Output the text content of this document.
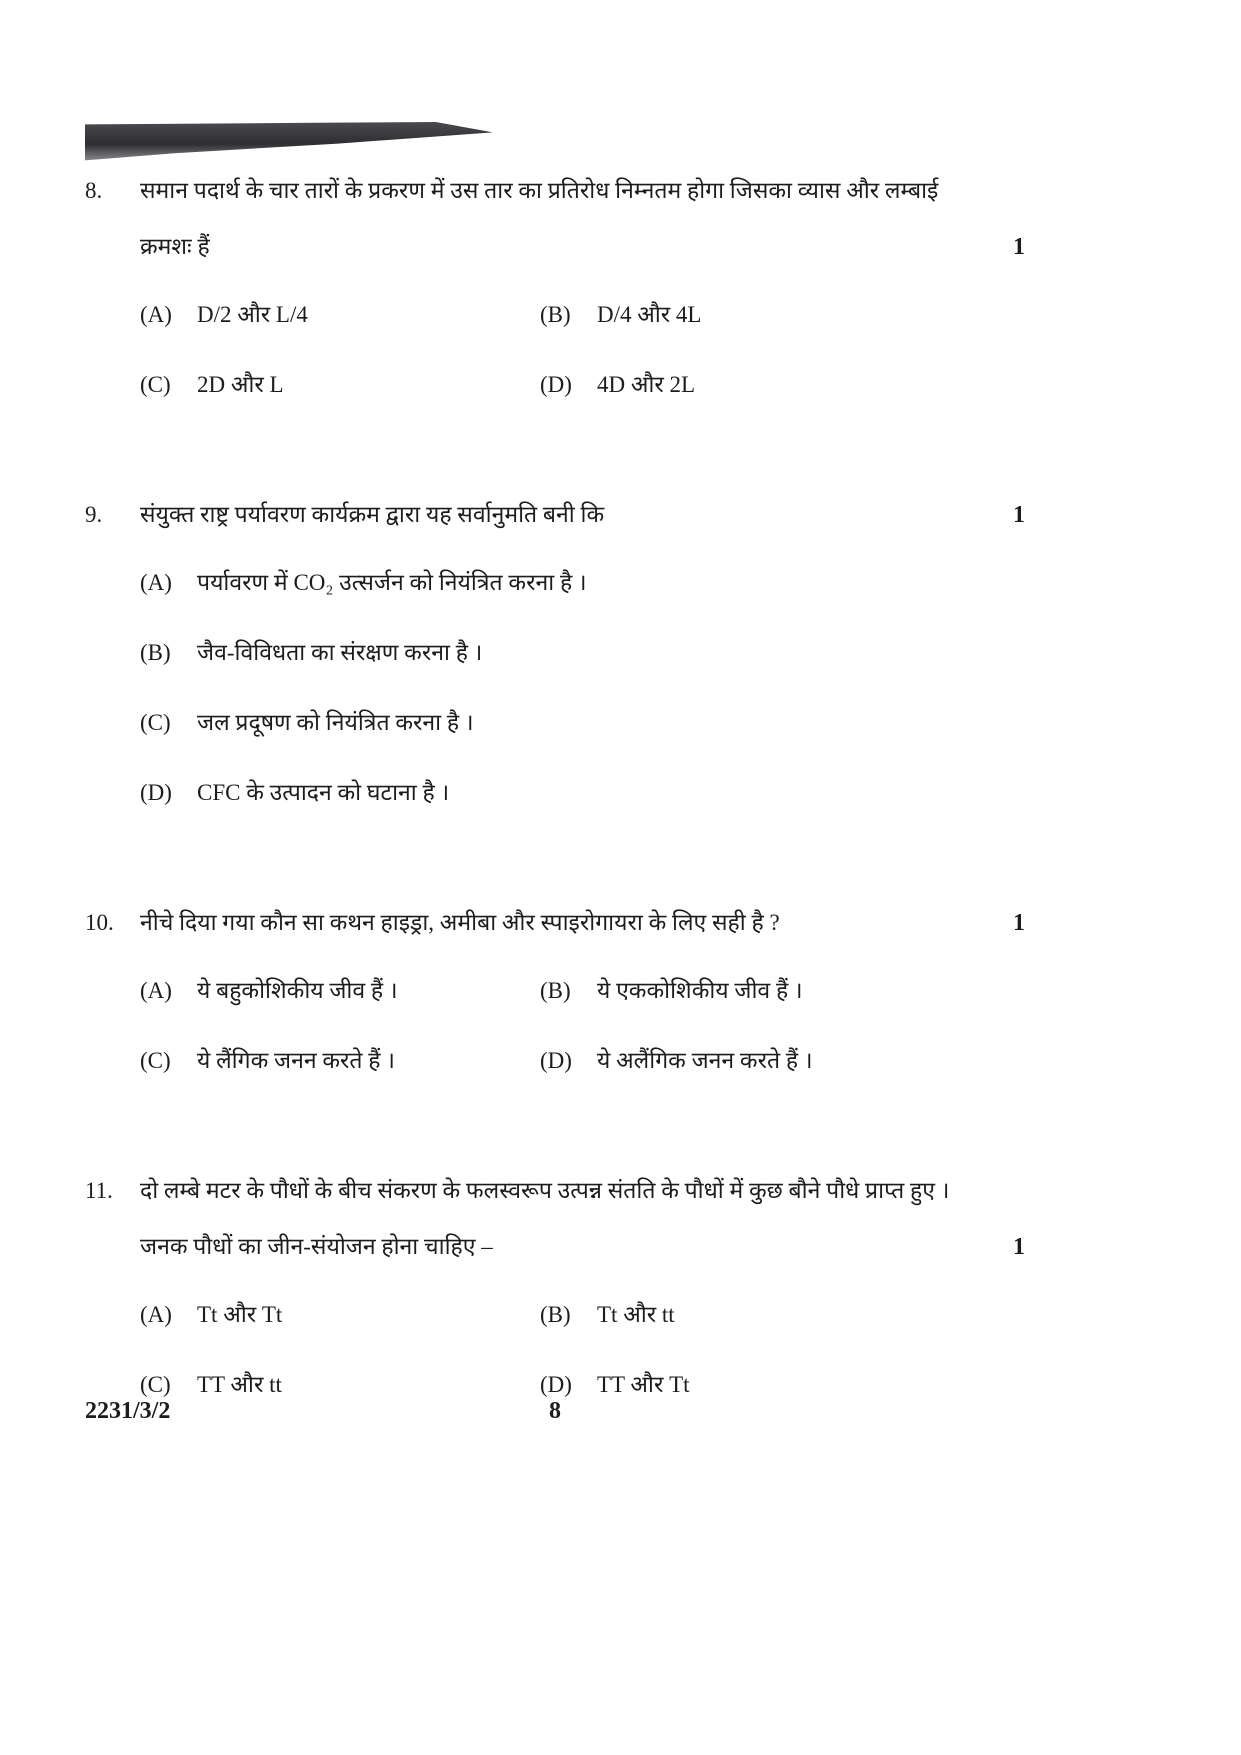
8.	समान पदार्थ के चार तारों के प्रकरण में उस तार का प्रतिरोध निम्नतम होगा जिसका व्यास और लम्बाई
क्रमशः हैं	1
(A)	D/2 और L/4	(B)	D/4 और 4L
(C)	2D और L	(D)	4D और 2L
9.	संयुक्त राष्ट्र पर्यावरण कार्यक्रम द्वारा यह सर्वानुमति बनी कि	1
(A)	पर्यावरण में CO₂ उत्सर्जन को नियंत्रित करना है ।
(B)	जैव-विविधता का संरक्षण करना है ।
(C)	जल प्रदूषण को नियंत्रित करना है ।
(D)	CFC के उत्पादन को घटाना है ।
10.	नीचे दिया गया कौन सा कथन हाइड्रा, अमीबा और स्पाइरोगायरा के लिए सही है ?	1
(A)	ये बहुकोशिकीय जीव हैं ।	(B)	ये एककोशिकीय जीव हैं ।
(C)	ये लैंगिक जनन करते हैं ।	(D)	ये अलैंगिक जनन करते हैं ।
11.	दो लम्बे मटर के पौधों के बीच संकरण के फलस्वरूप उत्पन्न संतति के पौधों में कुछ बौने पौधे प्राप्त हुए ।
जनक पौधों का जीन-संयोजन होना चाहिए –	1
(A)	Tt और Tt	(B)	Tt और tt
(C)	TT और tt	(D)	TT और Tt
2231/3/2	8
